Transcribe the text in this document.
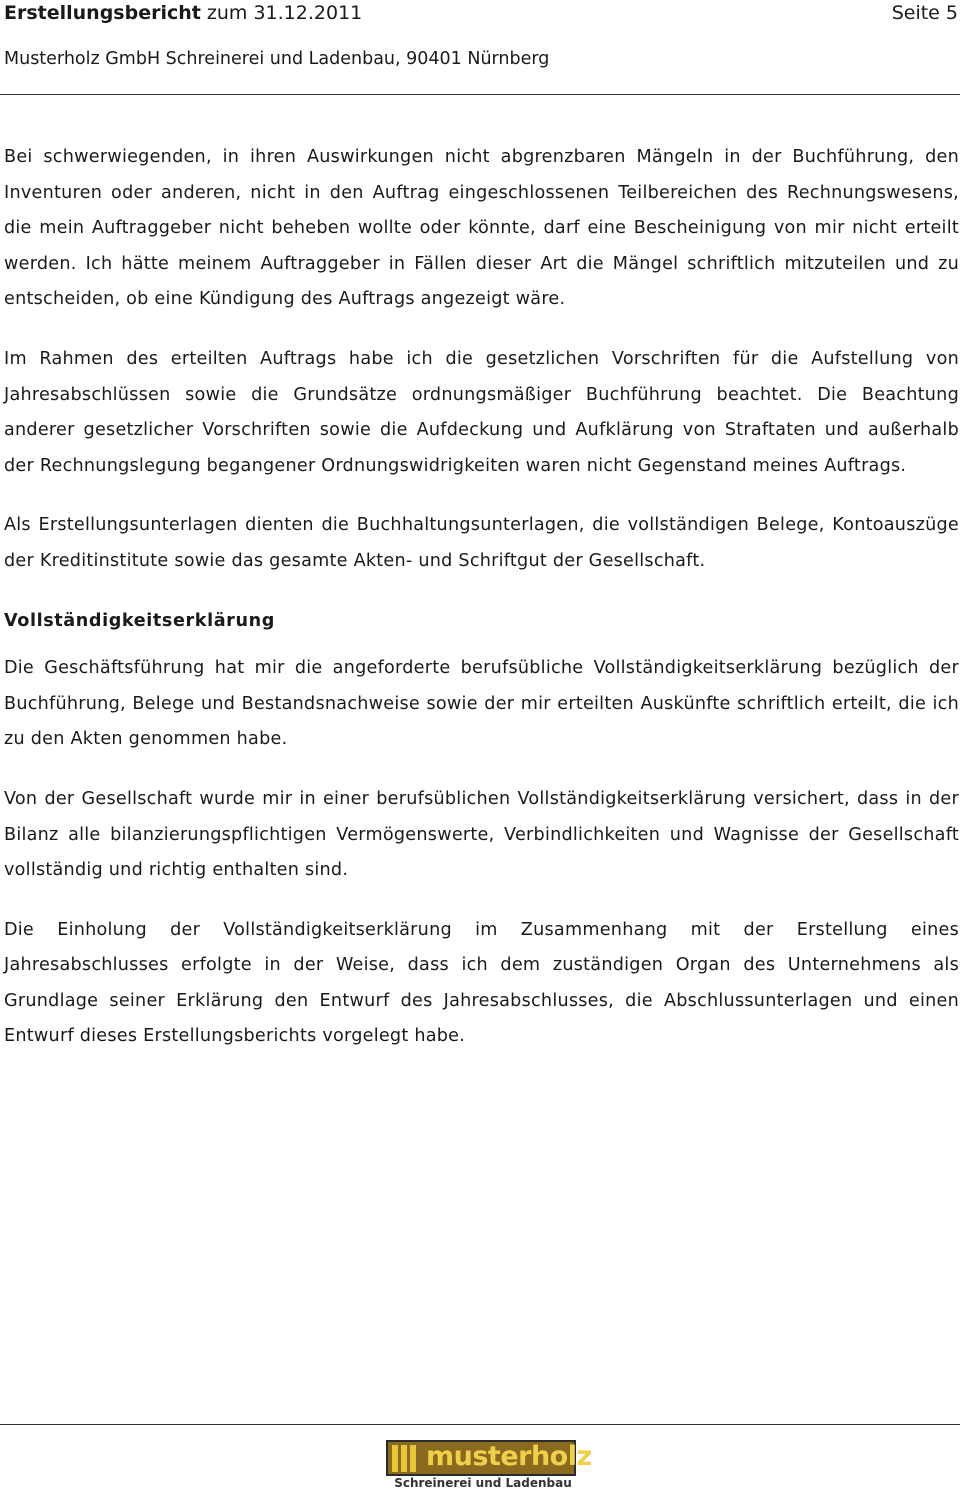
Erstellungsbericht zum 31.12.2011	Seite 5
Musterholz GmbH Schreinerei und Ladenbau, 90401 Nürnberg

Bei schwerwiegenden, in ihren Auswirkungen nicht abgrenzbaren Mängeln in der Buchführung, den Inventuren oder anderen, nicht in den Auftrag eingeschlossenen Teilbereichen des Rechnungswesens, die mein Auftraggeber nicht beheben wollte oder könnte, darf eine Bescheinigung von mir nicht erteilt werden. Ich hätte meinem Auftraggeber in Fällen dieser Art die Mängel schriftlich mitzuteilen und zu entscheiden, ob eine Kündigung des Auftrags angezeigt wäre.

Im Rahmen des erteilten Auftrags habe ich die gesetzlichen Vorschriften für die Aufstellung von Jahresabschlüssen sowie die Grundsätze ordnungsmäßiger Buchführung beachtet. Die Beachtung anderer gesetzlicher Vorschriften sowie die Aufdeckung und Aufklärung von Straftaten und außerhalb der Rechnungslegung begangener Ordnungswidrigkeiten waren nicht Gegenstand meines Auftrags.

Als Erstellungsunterlagen dienten die Buchhaltungsunterlagen, die vollständigen Belege, Kontoauszüge der Kreditinstitute sowie das gesamte Akten- und Schriftgut der Gesellschaft.

Vollständigkeitserklärung

Die Geschäftsführung hat mir die angeforderte berufsübliche Vollständigkeitserklärung bezüglich der Buchführung, Belege und Bestandsnachweise sowie der mir erteilten Auskünfte schriftlich erteilt, die ich zu den Akten genommen habe.

Von der Gesellschaft wurde mir in einer berufsüblichen Vollständigkeitserklärung versichert, dass in der Bilanz alle bilanzierungspflichtigen Vermögenswerte, Verbindlichkeiten und Wagnisse der Gesellschaft vollständig und richtig enthalten sind.

Die Einholung der Vollständigkeitserklärung im Zusammenhang mit der Erstellung eines Jahresabschlusses erfolgte in der Weise, dass ich dem zuständigen Organ des Unternehmens als Grundlage seiner Erklärung den Entwurf des Jahresabschlusses, die Abschlussunterlagen und einen Entwurf dieses Erstellungsberichts vorgelegt habe.

musterholz
Schreinerei und Ladenbau
